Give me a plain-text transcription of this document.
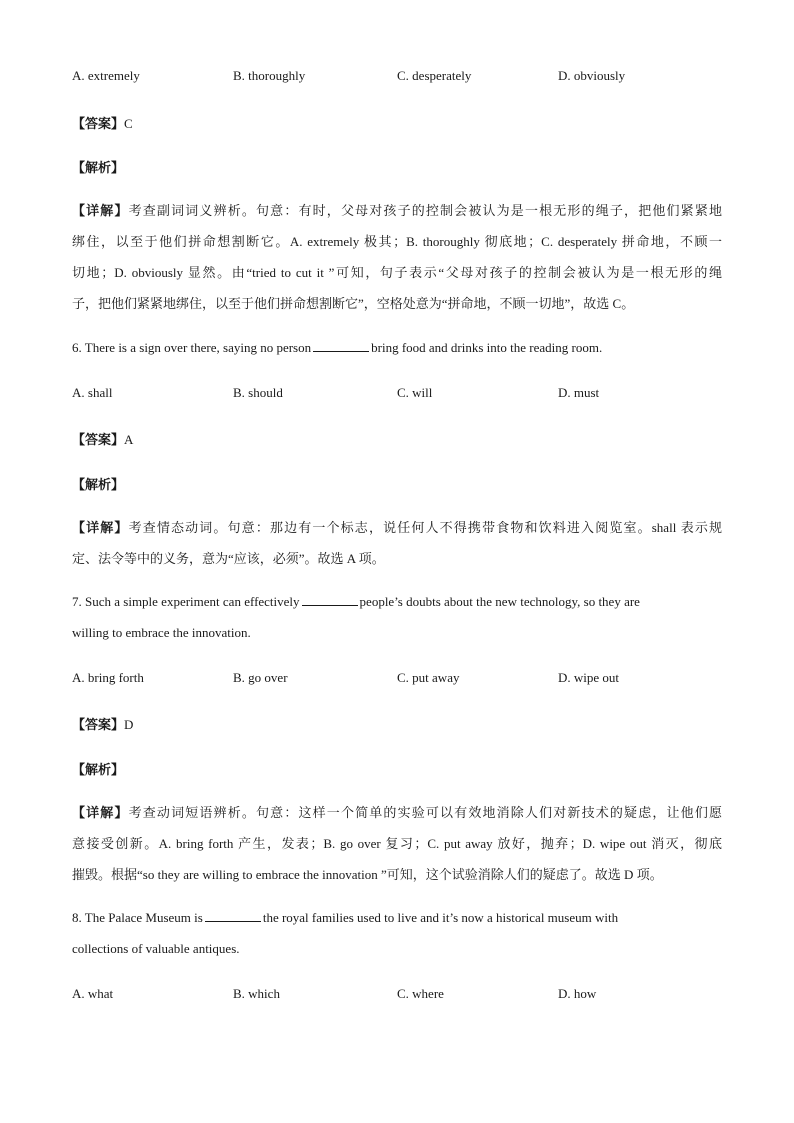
A. extremely	B. thoroughly	C. desperately	D. obviously
【答案】C
【解析】
【详解】考查副词词义辨析。句意：有时，父母对孩子的控制会被认为是一根无形的绳子，把他们紧紧地
绑住，以至于他们拼命想割断它。A. extremely 极其；B. thoroughly 彻底地；C. desperately 拼命地，不顾一
切地；D. obviously 显然。由“tried to cut it ”可知，句子表示“父母对孩子的控制会被认为是一根无形的绳
子，把他们紧紧地绑住，以至于他们拼命想割断它”，空格处意为“拼命地，不顾一切地”，故选 C。
6. There is a sign over there, saying no person	bring food and drinks into the reading room.
A. shall	B. should	C. will	D. must
【答案】A
【解析】
【详解】考查情态动词。句意：那边有一个标志，说任何人不得携带食物和饮料进入阅览室。shall 表示规
定、法令等中的义务，意为“应该，必须”。故选 A 项。
7. Such a simple experiment can effectively	people’s doubts about the new technology, so they are
willing to embrace the innovation.
A. bring forth	B. go over	C. put away	D. wipe out
【答案】D
【解析】
【详解】考查动词短语辨析。句意：这样一个简单的实验可以有效地消除人们对新技术的疑虑，让他们愿
意接受创新。A. bring forth 产生，发表；B. go over 复习；C. put away 放好，抛弃；D. wipe out 消灭，彻底
摧毁。根据“so they are willing to embrace the innovation ”可知，这个试验消除人们的疑虑了。故选 D 项。
8. The Palace Museum is	the royal families used to live and it’s now a historical museum with
collections of valuable antiques.
A. what	B. which	C. where	D. how
